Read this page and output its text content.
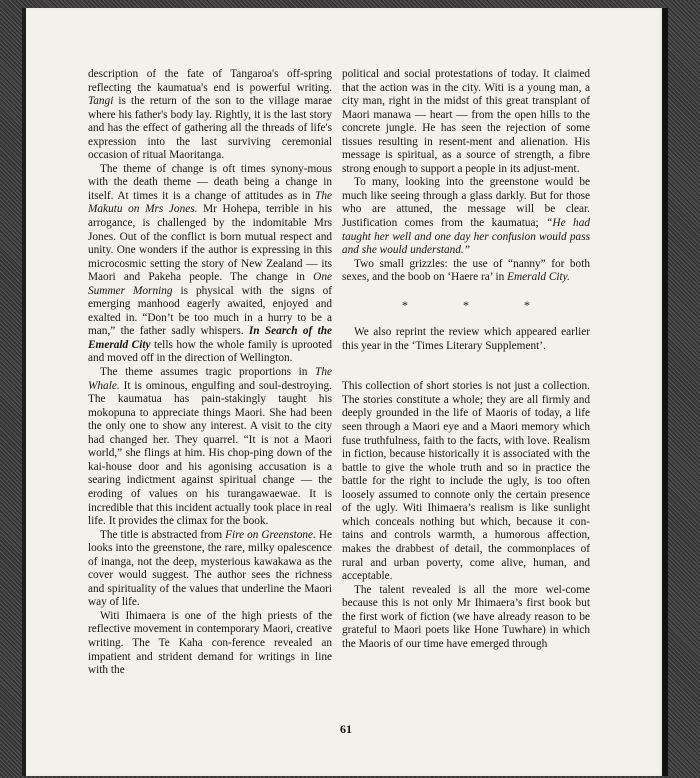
description of the fate of Tangaroa's off-spring reflecting the kaumatua's end is powerful writing. Tangi is the return of the son to the village marae where his father's body lay. Rightly, it is the last story and has the effect of gathering all the threads of life's expression into the last surviving ceremonial occasion of ritual Maoritanga.

The theme of change is oft times synony-mous with the death theme — death being a change in itself. At times it is a change of attitudes as in The Makutu on Mrs Jones. Mr Hohepa, terrible in his arrogance, is challenged by the indomitable Mrs Jones. Out of the conflict is born mutual respect and unity. One wonders if the author is expressing in this microcosmic setting the story of New Zealand — its Maori and Pakeha people. The change in One Summer Morning is physical with the signs of emerging manhood eagerly awaited, enjoyed and exalted in. “Don’t be too much in a hurry to be a man,” the father sadly whispers. In Search of the Emerald City tells how the whole family is uprooted and moved off in the direction of Wellington.

The theme assumes tragic proportions in The Whale. It is ominous, engulfing and soul-destroying. The kaumatua has pain-stakingly taught his mokopuna to appreciate things Maori. She had been the only one to show any interest. A visit to the city had changed her. They quarrel. “It is not a Maori world,” she flings at him. His chop-ping down of the kai-house door and his agonising accusation is a searing indictment against spiritual change — the eroding of values on his turangawaewae. It is incredible that this incident actually took place in real life. It provides the climax for the book.

The title is abstracted from Fire on Greenstone. He looks into the greenstone, the rare, milky opalescence of inanga, not the deep, mysterious kawakawa as the cover would suggest. The author sees the richness and spirituality of the values that underline the Maori way of life.

Witi Ihimaera is one of the high priests of the reflective movement in contemporary Maori, creative writing. The Te Kaha con-ference revealed an impatient and strident demand for writings in line with the

political and social protestations of today. It claimed that the action was in the city. Witi is a young man, a city man, right in the midst of this great transplant of Maori manawa — heart — from the open hills to the concrete jungle. He has seen the rejection of some tissues resulting in resent-ment and alienation. His message is spiritual, as a source of strength, a fibre strong enough to support a people in its adjust-ment.

To many, looking into the greenstone would be much like seeing through a glass darkly. But for those who are attuned, the message will be clear. Justification comes from the kaumatua; “He had taught her well and one day her confusion would pass and she would understand.”

Two small grizzles: the use of “nanny” for both sexes, and the boob on ‘Haere ra’ in Emerald City.

* * *

We also reprint the review which appeared earlier this year in the ‘Times Literary Supplement’.

This collection of short stories is not just a collection. The stories constitute a whole; they are all firmly and deeply grounded in the life of Maoris of today, a life seen through a Maori eye and a Maori memory which fuse truthfulness, faith to the facts, with love. Realism in fiction, because historically it is associated with the battle to give the whole truth and so in practice the battle for the right to include the ugly, is too often loosely assumed to connote only the certain presence of the ugly. Witi Ihimaera’s realism is like sunlight which conceals nothing but which, because it con-tains and controls warmth, a humorous affection, makes the drabbest of detail, the commonplaces of rural and urban poverty, come alive, human, and acceptable.

The talent revealed is all the more wel-come because this is not only Mr Ihimaera’s first book but the first work of fiction (we have already reason to be grateful to Maori poets like Hone Tuwhare) in which the Maoris of our time have emerged through

61
